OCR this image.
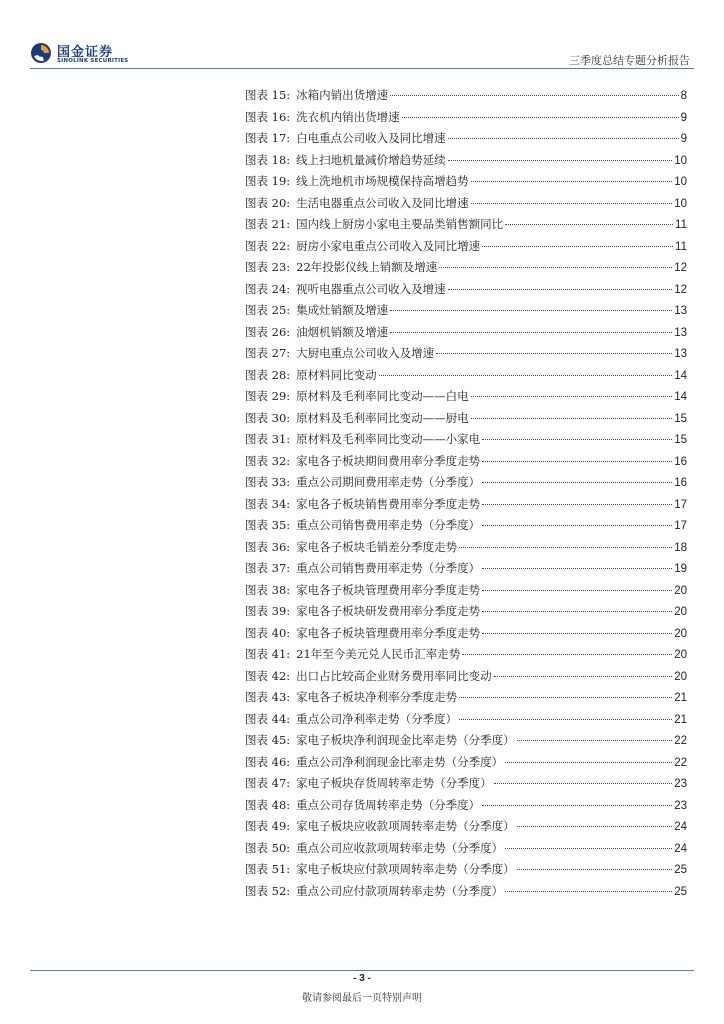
国金证券
SINOLINK SECURITIES	三季度总结专题分析报告
图表 15: 冰箱内销出货增速	8
图表 16: 洗衣机内销出货增速	9
图表 17: 白电重点公司收入及同比增速	9
图表 18: 线上扫地机量减价增趋势延续	10
图表 19: 线上洗地机市场规模保持高增趋势	10
图表 20: 生活电器重点公司收入及同比增速	10
图表 21: 国内线上厨房小家电主要品类销售额同比	11
图表 22: 厨房小家电重点公司收入及同比增速	11
图表 23: 22年投影仪线上销额及增速	12
图表 24: 视听电器重点公司收入及增速	12
图表 25: 集成灶销额及增速	13
图表 26: 油烟机销额及增速	13
图表 27: 大厨电重点公司收入及增速	13
图表 28: 原材料同比变动	14
图表 29: 原材料及毛利率同比变动——白电	14
图表 30: 原材料及毛利率同比变动——厨电	15
图表 31: 原材料及毛利率同比变动——小家电	15
图表 32: 家电各子板块期间费用率分季度走势	16
图表 33: 重点公司期间费用率走势（分季度）	16
图表 34: 家电各子板块销售费用率分季度走势	17
图表 35: 重点公司销售费用率走势（分季度）	17
图表 36: 家电各子板块毛销差分季度走势	18
图表 37: 重点公司销售费用率走势（分季度）	19
图表 38: 家电各子板块管理费用率分季度走势	20
图表 39: 家电各子板块研发费用率分季度走势	20
图表 40: 家电各子板块管理费用率分季度走势	20
图表 41: 21年至今美元兑人民币汇率走势	20
图表 42: 出口占比较高企业财务费用率同比变动	20
图表 43: 家电各子板块净利率分季度走势	21
图表 44: 重点公司净利率走势（分季度）	21
图表 45: 家电子板块净利润现金比率走势（分季度）	22
图表 46: 重点公司净利润现金比率走势（分季度）	22
图表 47: 家电子板块存货周转率走势（分季度）	23
图表 48: 重点公司存货周转率走势（分季度）	23
图表 49: 家电子板块应收款项周转率走势（分季度）	24
图表 50: 重点公司应收款项周转率走势（分季度）	24
图表 51: 家电子板块应付款项周转率走势（分季度）	25
图表 52: 重点公司应付款项周转率走势（分季度）	25
- 3 -
敬请参阅最后一页特别声明
